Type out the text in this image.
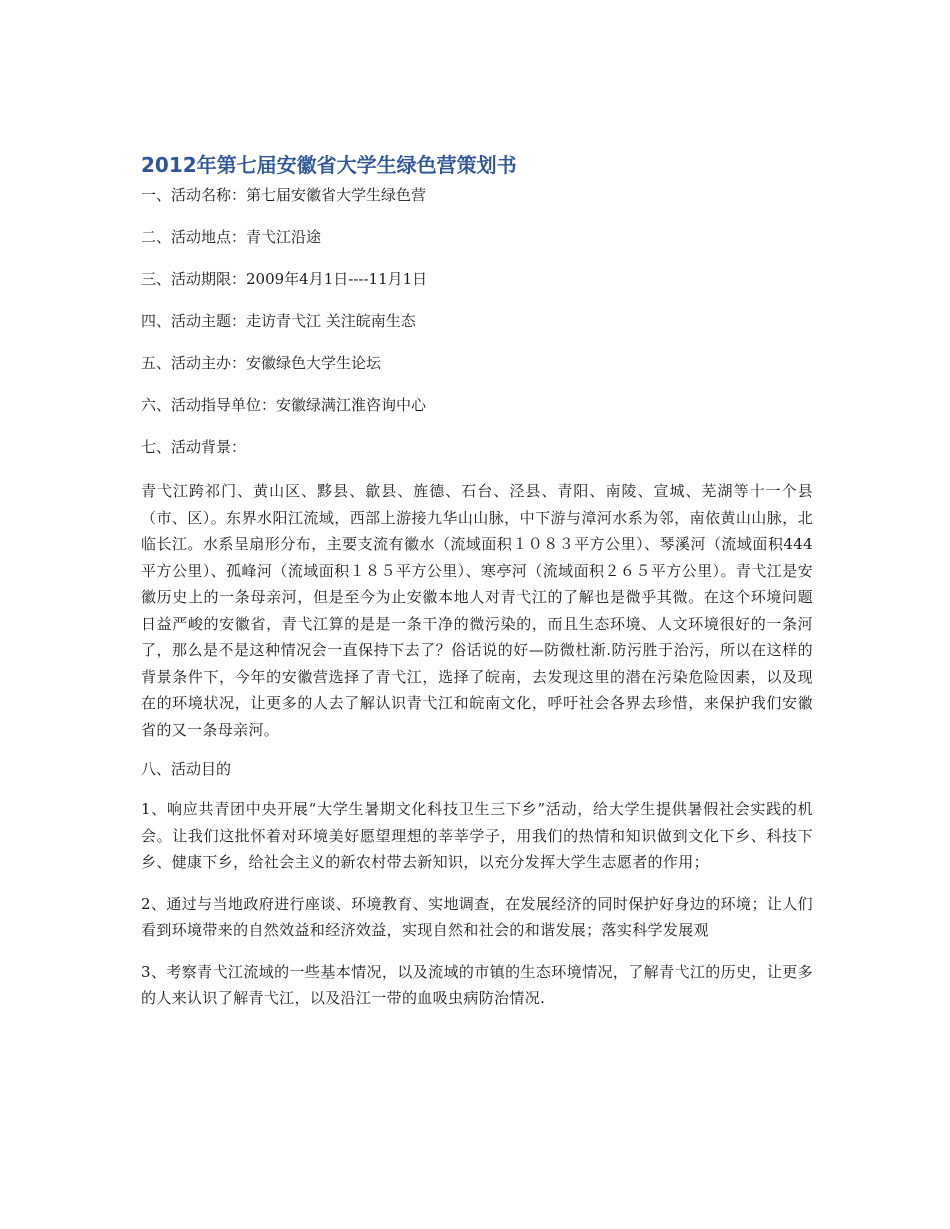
2012年第七届安徽省大学生绿色营策划书

一、活动名称：第七届安徽省大学生绿色营

二、活动地点：青弋江沿途

三、活动期限：2009年4月1日----11月1日

四、活动主题：走访青弋江 关注皖南生态

五、活动主办：安徽绿色大学生论坛

六、活动指导单位：安徽绿满江淮咨询中心

七、活动背景：

青弋江跨祁门、黄山区、黟县、歙县、旌德、石台、泾县、青阳、南陵、宣城、芜湖等十一个县（市、区）。东界水阳江流域，西部上游接九华山山脉，中下游与漳河水系为邻，南依黄山山脉，北临长江。水系呈扇形分布，主要支流有徽水（流域面积１０８３平方公里）、琴溪河（流域面积444平方公里）、孤峰河（流域面积１８５平方公里）、寒亭河（流域面积２６５平方公里）。青弋江是安徽历史上的一条母亲河，但是至今为止安徽本地人对青弋江的了解也是微乎其微。在这个环境问题日益严峻的安徽省，青弋江算的是是一条干净的微污染的，而且生态环境、人文环境很好的一条河了，那么是不是这种情况会一直保持下去了？俗话说的好—防微杜渐.防污胜于治污，所以在这样的背景条件下，今年的安徽营选择了青弋江，选择了皖南，去发现这里的潜在污染危险因素，以及现在的环境状况，让更多的人去了解认识青弋江和皖南文化，呼吁社会各界去珍惜，来保护我们安徽省的又一条母亲河。

八、活动目的

1、响应共青团中央开展“大学生暑期文化科技卫生三下乡”活动，给大学生提供暑假社会实践的机会。让我们这批怀着对环境美好愿望理想的莘莘学子，用我们的热情和知识做到文化下乡、科技下乡、健康下乡，给社会主义的新农村带去新知识，以充分发挥大学生志愿者的作用；

2、通过与当地政府进行座谈、环境教育、实地调查，在发展经济的同时保护好身边的环境；让人们看到环境带来的自然效益和经济效益，实现自然和社会的和谐发展；落实科学发展观

3、考察青弋江流域的一些基本情况，以及流域的市镇的生态环境情况，了解青弋江的历史，让更多的人来认识了解青弋江，以及沿江一带的血吸虫病防治情况.
